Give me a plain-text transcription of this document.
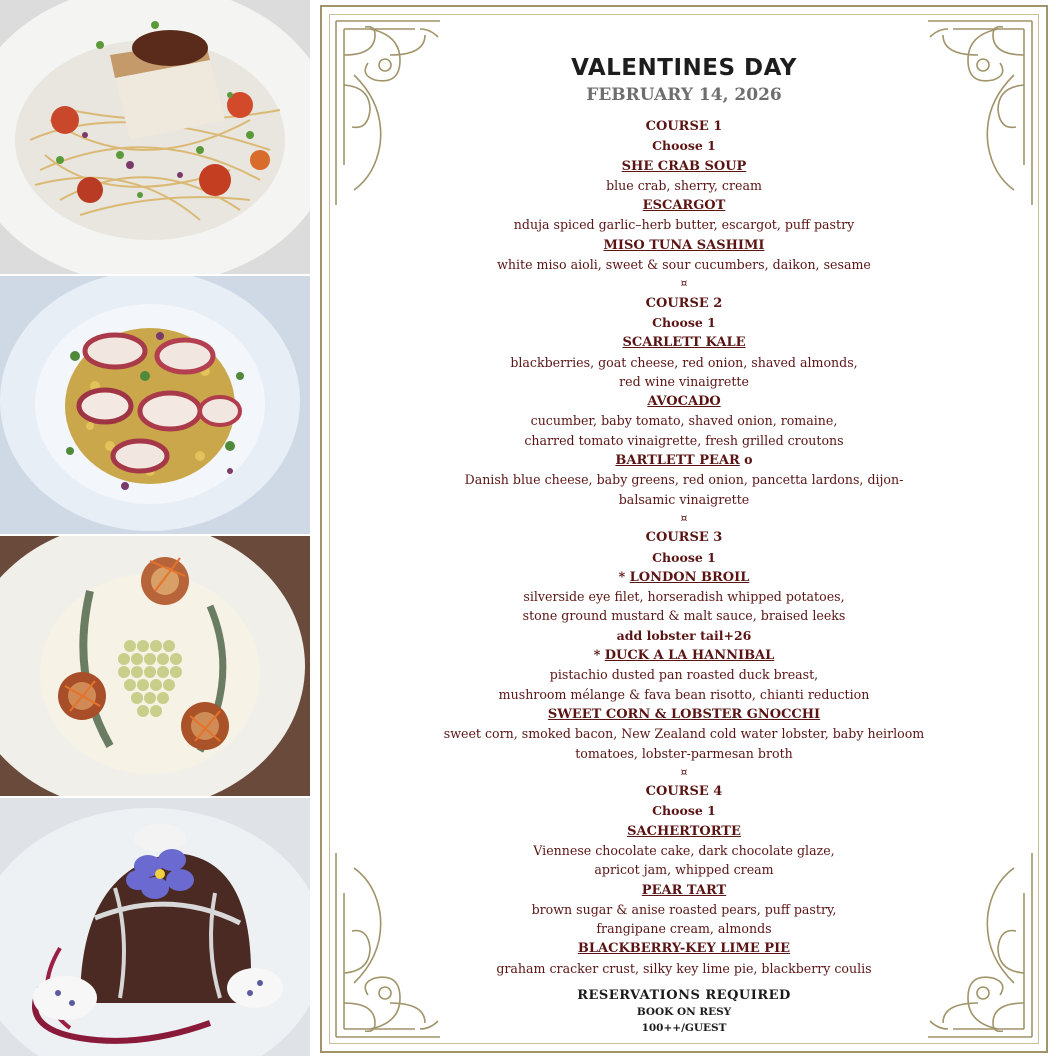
VALENTINES DAY
FEBRUARY 14, 2026
COURSE 1
Choose 1
SHE CRAB SOUP
blue crab, sherry, cream
ESCARGOT
nduja spiced garlic–herb butter, escargot, puff pastry
MISO TUNA SASHIMI
white miso aioli, sweet & sour cucumbers, daikon, sesame
¤
COURSE 2
Choose 1
SCARLETT KALE
blackberries, goat cheese, red onion, shaved almonds,
red wine vinaigrette
AVOCADO
cucumber, baby tomato, shaved onion, romaine,
charred tomato vinaigrette, fresh grilled croutons
BARTLETT PEAR o
Danish blue cheese, baby greens, red onion, pancetta lardons, dijon-
balsamic vinaigrette
¤
COURSE 3
Choose 1
* LONDON BROIL
silverside eye filet, horseradish whipped potatoes,
stone ground mustard & malt sauce, braised leeks
add lobster tail+26
* DUCK A LA HANNIBAL
pistachio dusted pan roasted duck breast,
mushroom mélange & fava bean risotto, chianti reduction
SWEET CORN & LOBSTER GNOCCHI
sweet corn, smoked bacon, New Zealand cold water lobster, baby heirloom
tomatoes, lobster-parmesan broth
¤
COURSE 4
Choose 1
SACHERTORTE
Viennese chocolate cake, dark chocolate glaze,
apricot jam, whipped cream
PEAR TART
brown sugar & anise roasted pears, puff pastry,
frangipane cream, almonds
BLACKBERRY-KEY LIME PIE
graham cracker crust, silky key lime pie, blackberry coulis
RESERVATIONS REQUIRED
BOOK ON RESY
100++/GUEST
